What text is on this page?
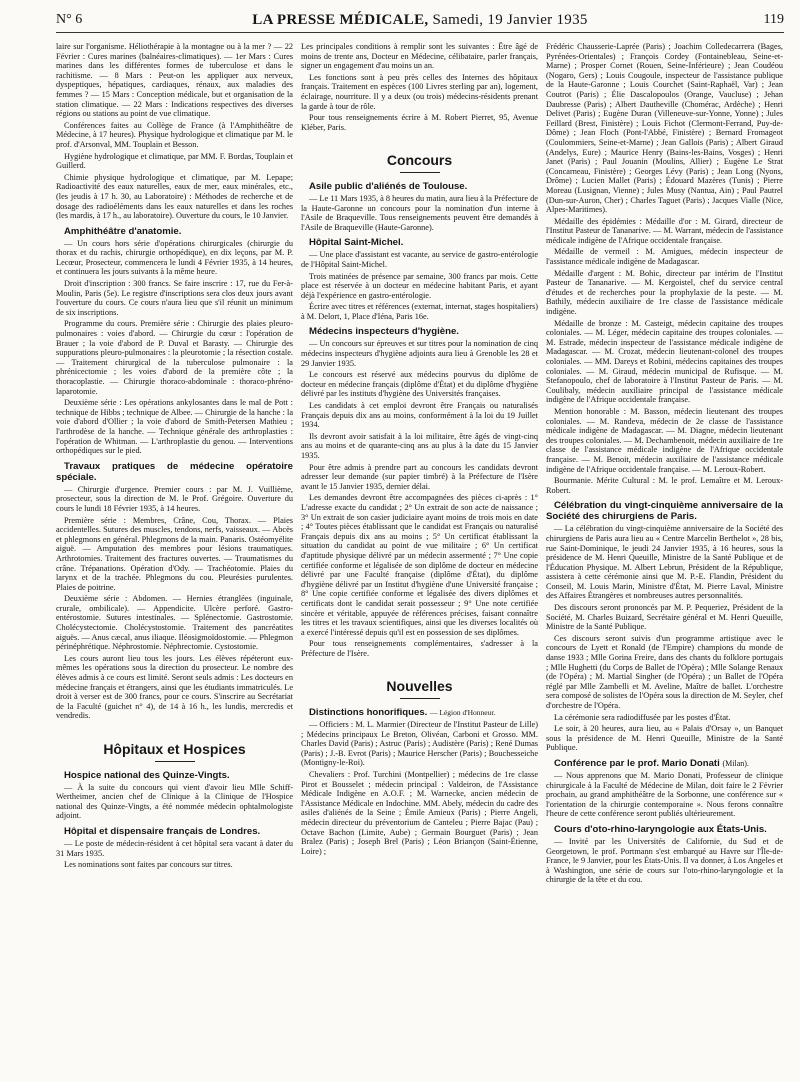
N° 6	LA PRESSE MÉDICALE, Samedi, 19 Janvier 1935	119

laire sur l'organisme. Héliothérapie à la montagne ou à la mer ? — 22 Février : Cures marines (balnéaires-climatiques). — 1er Mars : Cures marines dans les différentes formes de tuberculose et dans le rachitisme. — 8 Mars : Peut-on les appliquer aux nerveux, dyspeptiques, hépatiques, cardiaques, rénaux, aux maladies des femmes ? — 15 Mars : Conception médicale, but et organisation de la station climatique. — 22 Mars : Indications respectives des diverses régions ou stations au point de vue climatique.

Conférences faites au Collège de France (à l'Amphithéâtre de Médecine, à 17 heures). Physique hydrologique et climatique par M. le prof. d'Arsonval, MM. Touplain et Besson.

Hygiène hydrologique et climatique, par MM. F. Bordas, Touplain et Guillerd.

Chimie physique hydrologique et climatique, par M. Lepape; Radioactivité des eaux naturelles, eaux de mer, eaux minérales, etc., (les jeudis à 17 h. 30, au Laboratoire) : Méthodes de recherche et de dosage des radioéléments dans les eaux naturelles et dans les roches (les mardis, à 17 h., au laboratoire). Ouverture du cours, le 10 Janvier.

Amphithéâtre d'anatomie.

— Un cours hors série d'opérations chirurgicales (chirurgie du thorax et du rachis, chirurgie orthopédique), en dix leçons, par M. P. Lecœur, Prosecteur, commencera le lundi 4 Février 1935, à 14 heures, et continuera les jours suivants à la même heure.

Droit d'inscription : 300 francs. Se faire inscrire : 17, rue du Fer-à-Moulin, Paris (5e). Le registre d'inscriptions sera clos deux jours avant l'ouverture du cours. Ce cours n'aura lieu que s'il réunit un minimum de six inscriptions.

Programme du cours. Première série : Chirurgie des plaies pleuro-pulmonaires : voies d'abord. — Chirurgie du cœur : l'opération de Brauer ; la voie d'abord de P. Duval et Barasty. — Chirurgie des suppurations pleuro-pulmonaires : la pleurotomie ; la résection costale. — Traitement chirurgical de la tuberculose pulmonaire : la phrénicectomie ; les voies d'abord de la première côte ; la thoracoplastie. — Chirurgie thoraco-abdominale : thoraco-phréno-laparotomie.

Deuxième série : Les opérations ankylosantes dans le mal de Pott : technique de Hibbs ; technique de Albee. — Chirurgie de la hanche : la voie d'abord d'Ollier ; la voie d'abord de Smith-Petersen Mathieu ; l'arthrodèse de la hanche. — Technique générale des arthroplasties : l'opération de Whitman. — L'arthroplastie du genou. — Interventions orthopédiques sur le pied.

Travaux pratiques de médecine opératoire spéciale.

— Chirurgie d'urgence. Premier cours : par M. J. Vuillième, prosecteur, sous la direction de M. le Prof. Grégoire. Ouverture du cours le lundi 18 Février 1935, à 14 heures.

Première série : Membres, Crâne, Cou, Thorax. — Plaies accidentelles. Sutures des muscles, tendons, nerfs, vaisseaux. — Abcès et phlegmons en général. Phlegmons de la main. Panaris. Ostéomyélite aiguë. — Amputation des membres pour lésions traumatiques. Arthrotomies. Traitement des fractures ouvertes. — Traumatismes du crâne. Trépanations. Opération d'Ody. — Trachéotomie. Plaies du larynx et de la trachée. Phlegmons du cou. Pleurésies purulentes. Plaies de poitrine.

Deuxième série : Abdomen. — Hernies étranglées (inguinale, crurale, ombilicale). — Appendicite. Ulcère perforé. Gastro-entérostomie. Sutures intestinales. — Splénectomie. Gastrostomie. Cholécystectomie. Cholécystostomie. Traitement des pancréatites aiguës. — Anus cæcal, anus iliaque. Iléosigmoïdostomie. — Phlegmon périnéphrétique. Néphrostomie. Néphrectomie. Cystostomie.

Les cours auront lieu tous les jours. Les élèves répéteront eux-mêmes les opérations sous la direction du prosecteur. Le nombre des élèves admis à ce cours est limité. Seront seuls admis : Les docteurs en médecine français et étrangers, ainsi que les étudiants immatriculés. Le droit à verser est de 300 francs, pour ce cours. S'inscrire au Secrétariat de la Faculté (guichet n° 4), de 14 à 16 h., les lundis, mercredis et vendredis.

Hôpitaux et Hospices
Hospice national des Quinze-Vingts.

— À la suite du concours qui vient d'avoir lieu Mlle Schiff-Wertheimer, ancien chef de Clinique à la Clinique de l'Hospice national des Quinze-Vingts, a été nommée médecin ophtalmologiste adjoint.

Hôpital et dispensaire français de Londres.

— Le poste de médecin-résident à cet hôpital sera vacant à dater du 31 Mars 1935.

Les nominations sont faites par concours sur titres.

Les principales conditions à remplir sont les suivantes : Être âgé de moins de trente ans, Docteur en Médecine, célibataire, parler français, signer un engagement d'au moins un an.

Les fonctions sont à peu près celles des Internes des hôpitaux français. Traitement en espèces (100 Livres sterling par an), logement, éclairage, nourriture. Il y a deux (ou trois) médecins-résidents prenant la garde à tour de rôle.

Pour tous renseignements écrire à M. Robert Pierret, 95, Avenue Kléber, Paris.

Concours
Asile public d'aliénés de Toulouse.

— Le 11 Mars 1935, à 8 heures du matin, aura lieu à la Préfecture de la Haute-Garonne un concours pour la nomination d'un interne à l'Asile de Braqueville. Tous renseignements peuvent être demandés à l'Asile de Braqueville (Haute-Garonne).

Hôpital Saint-Michel.

— Une place d'assistant est vacante, au service de gastro-entérologie de l'Hôpital Saint-Michel.

Trois matinées de présence par semaine, 300 francs par mois. Cette place est réservée à un docteur en médecine habitant Paris, et ayant déjà l'expérience en gastro-entérologie.

Écrire avec titres et références (externat, internat, stages hospitaliers) à M. Delort, 1, Place d'Iéna, Paris 16e.

Médecins inspecteurs d'hygiène.

— Un concours sur épreuves et sur titres pour la nomination de cinq médecins inspecteurs d'hygiène adjoints aura lieu à Grenoble les 28 et 29 Janvier 1935.

Le concours est réservé aux médecins pourvus du diplôme de docteur en médecine français (diplôme d'État) et du diplôme d'hygiène délivré par les instituts d'hygiène des Universités françaises.

Les candidats à cet emploi devront être Français ou naturalisés Français depuis dix ans au moins, conformément à la loi du 19 Juillet 1934.

Ils devront avoir satisfait à la loi militaire, être âgés de vingt-cinq ans au moins et de quarante-cinq ans au plus à la date du 15 Janvier 1935.

Pour être admis à prendre part au concours les candidats devront adresser leur demande (sur papier timbré) à la Préfecture de l'Isère avant le 15 Janvier 1935, dernier délai.

Les demandes devront être accompagnées des pièces ci-après : 1° L'adresse exacte du candidat ; 2° Un extrait de son acte de naissance ; 3° Un extrait de son casier judiciaire ayant moins de trois mois en date ; 4° Toutes pièces établissant que le candidat est Français ou naturalisé Français depuis dix ans au moins ; 5° Un certificat établissant la situation du candidat au point de vue militaire ; 6° Un certificat d'aptitude physique délivré par un médecin assermenté ; 7° Une copie certifiée conforme et légalisée de son diplôme de docteur en médecine délivré par une Faculté française (diplôme d'État), du diplôme d'hygiène délivré par un Institut d'hygiène d'une Université française ; 8° Une copie certifiée conforme et légalisée des divers diplômes et certificats dont le candidat serait possesseur ; 9° Une note certifiée sincère et véritable, appuyée de références précises, faisant connaître les titres et les travaux scientifiques, ainsi que les diverses localités où a exercé l'intéressé depuis qu'il est en possession de ses diplômes.

Pour tous renseignements complémentaires, s'adresser à la Préfecture de l'Isère.

Nouvelles
Distinctions honorifiques. — Légion d'Honneur.

— Officiers : M. L. Marmier (Directeur de l'Institut Pasteur de Lille) ; Médecins principaux Le Breton, Olivéan, Carboni et Grosso. MM. Charles David (Paris) ; Astruc (Paris) ; Audistère (Paris) ; René Dumas (Paris) ; J.-B. Evrot (Paris) ; Maurice Herscher (Paris) ; Bouchesseiche (Montigny-le-Roi).

Chevaliers : Prof. Turchini (Montpellier) ; médecins de 1re classe Pirot et Bousselet ; médecin principal : Valdeiron, de l'Assistance Médicale Indigène en A.O.F. ; M. Warnecke, ancien médecin de l'Assistance Médicale en Indochine. MM. Abely, médecin du cadre des asiles d'aliénés de la Seine ; Émile Amieux (Paris) ; Pierre Angeli, médecin directeur du préventorium de Canteleu ; Pierre Bajac (Pau) ; Octave Bachon (Limite, Aube) ; Germain Bourguet (Paris) ; Jean Bralez (Paris) ; Joseph Brel (Paris) ; Léon Briançon (Saint-Étienne, Loire) ;

Frédéric Chausserie-Laprée (Paris) ; Joachim Colledecarrera (Bages, Pyrénées-Orientales) ; François Cordey (Fontainebleau, Seine-et-Marne) ; Prosper Cornet (Rouen, Seine-Inférieure) ; Jean Coudéou (Nogaro, Gers) ; Louis Cougoule, inspecteur de l'assistance publique de la Haute-Garonne ; Louis Courchet (Saint-Raphaël, Var) ; Jean Coutrot (Paris) ; Élie Dascalopoulos (Orange, Vaucluse) ; Jehan Daubresse (Paris) ; Albert Dautheville (Chomérac, Ardèche) ; Henri Delivet (Paris) ; Eugène Duran (Villeneuve-sur-Yonne, Yonne) ; Jules Feillard (Brest, Finistère) ; Louis Fichot (Clermont-Ferrand, Puy-de-Dôme) ; Jean Floch (Pont-l'Abbé, Finistère) ; Bernard Fromageot (Coulommiers, Seine-et-Marne) ; Jean Gallois (Paris) ; Albert Giraud (Andelys, Eure) ; Maurice Henry (Bains-les-Bains, Vosges) ; Henri Janet (Paris) ; Paul Jouanin (Moulins, Allier) ; Eugène Le Strat (Concarneau, Finistère) ; Georges Lévy (Paris) ; Jean Long (Nyons, Drôme) ; Lucien Mallet (Paris) ; Édouard Mazères (Tunis) ; Pierre Moreau (Lusignan, Vienne) ; Jules Musy (Nantua, Ain) ; Paul Pautrel (Dun-sur-Auron, Cher) ; Charles Taguet (Paris) ; Jacques Vialle (Nice, Alpes-Maritimes).

Médaille des épidémies : Médaille d'or : M. Girard, directeur de l'Institut Pasteur de Tananarive. — M. Warrant, médecin de l'assistance médicale indigène de l'Afrique occidentale française.

Médaille de vermeil : M. Amigues, médecin inspecteur de l'assistance médicale indigène de Madagascar.

Médaille d'argent : M. Bohic, directeur par intérim de l'Institut Pasteur de Tananarive. — M. Kergoistel, chef du service central d'études et de recherches pour la prophylaxie de la peste. — M. Bathily, médecin auxiliaire de 1re classe de l'assistance médicale indigène.

Médaille de bronze : M. Casteigt, médecin capitaine des troupes coloniales. — M. Léger, médecin capitaine des troupes coloniales. — M. Estrade, médecin inspecteur de l'assistance médicale indigène de Madagascar. — M. Crozat, médecin lieutenant-colonel des troupes coloniales. — MM. Dareys et Robini, médecins capitaines des troupes coloniales. — M. Giraud, médecin municipal de Rufisque. — M. Stefanopoulo, chef de laboratoire à l'Institut Pasteur de Paris. — M. Coulibaly, médecin auxiliaire principal de l'assistance médicale indigène de l'Afrique occidentale française.

Mention honorable : M. Basson, médecin lieutenant des troupes coloniales. — M. Randeva, médecin de 2e classe de l'assistance médicale indigène de Madagascar. — M. Diagne, médecin lieutenant des troupes coloniales. — M. Dechambenoit, médecin auxiliaire de 1re classe de l'assistance médicale indigène de l'Afrique occidentale française. — M. Benoit, médecin auxiliaire de l'assistance médicale indigène de l'Afrique occidentale française. — M. Leroux-Robert.

Bourmanie. Mérite Cultural : M. le prof. Lemaître et M. Leroux-Robert.

Célébration du vingt-cinquième anniversaire de la Société des chirurgiens de Paris.

— La célébration du vingt-cinquième anniversaire de la Société des chirurgiens de Paris aura lieu au « Centre Marcelin Berthelot », 28 bis, rue Saint-Dominique, le jeudi 24 Janvier 1935, à 16 heures, sous la présidence de M. Henri Queuille, Ministre de la Santé Publique et de l'Éducation Physique. M. Albert Lebrun, Président de la République, assistera à cette cérémonie ainsi que M. P.-E. Flandin, Président du Conseil, M. Louis Marin, Ministre d'État, M. Pierre Laval, Ministre des Affaires Étrangères et nombreuses autres personnalités.

Des discours seront prononcés par M. P. Pequeriez, Président de la Société, M. Charles Buizard, Secrétaire général et M. Henri Queuille, Ministre de la Santé Publique.

Ces discours seront suivis d'un programme artistique avec le concours de Lyett et Ronald (de l'Empire) champions du monde de danse 1933 ; Mlle Gorina Freire, dans des chants du folklore portugais ; Mlle Hughetti (du Corps de Ballet de l'Opéra) ; Mlle Solange Renaux (de l'Opéra) ; M. Martial Singher (de l'Opéra) ; un Ballet de l'Opéra réglé par Mlle Zambelli et M. Aveline, Maître de ballet. L'orchestre sera composé de solistes de l'Opéra sous la direction de M. Seyler, chef d'orchestre de l'Opéra.

La cérémonie sera radiodiffusée par les postes d'État.

Le soir, à 20 heures, aura lieu, au « Palais d'Orsay », un Banquet sous la présidence de M. Henri Queuille, Ministre de la Santé Publique.

Conférence par le prof. Mario Donati (Milan).

— Nous apprenons que M. Mario Donati, Professeur de clinique chirurgicale à la Faculté de Médecine de Milan, doit faire le 2 Février prochain, au grand amphithéâtre de la Sorbonne, une conférence sur « l'orientation de la chirurgie contemporaine ». Nous ferons connaître l'heure de cette conférence seront publiés ultérieurement.

Cours d'oto-rhino-laryngologie aux États-Unis.

— Invité par les Universités de Californie, du Sud et de Georgetown, le prof. Portmann s'est embarqué au Havre sur l'Île-de-France, le 9 Janvier, pour les États-Unis. Il va donner, à Los Angeles et à Washington, une série de cours sur l'oto-rhino-laryngologie et la chirurgie de la tête et du cou.
